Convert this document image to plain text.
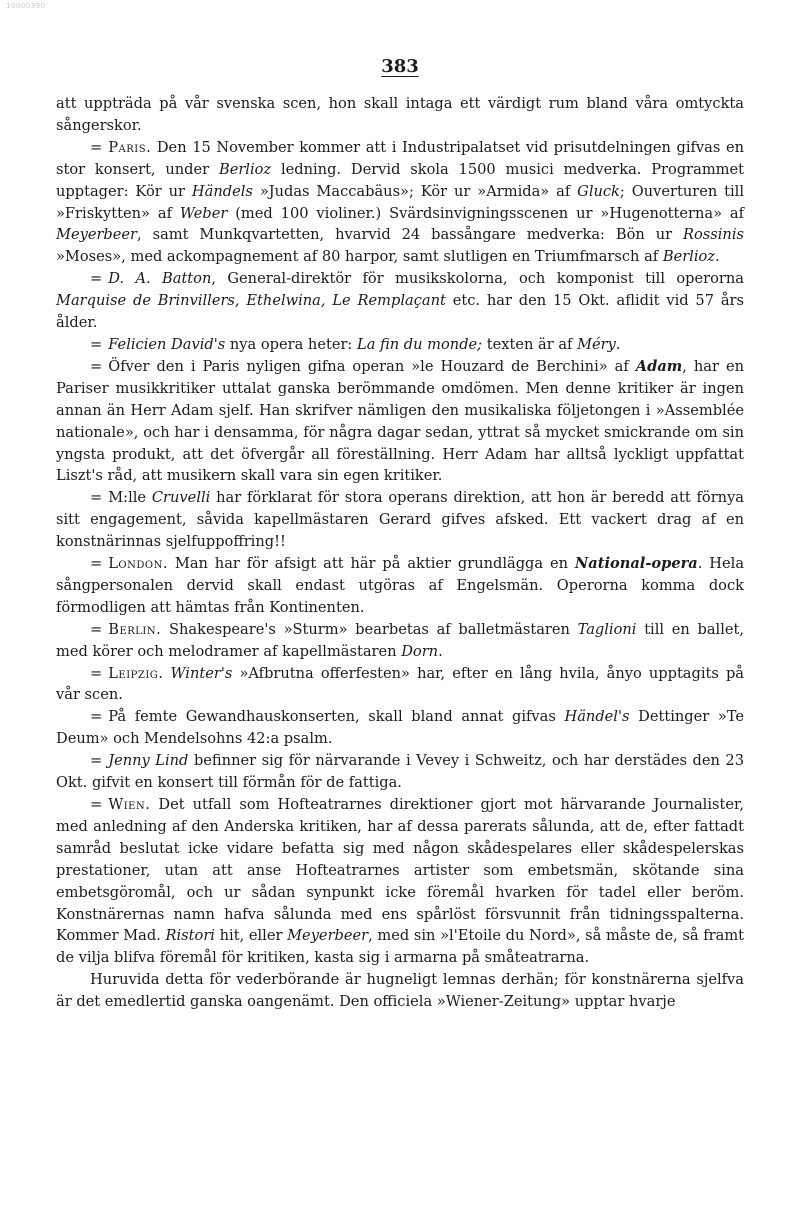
10000390
383

att uppträda på vår svenska scen, hon skall intaga ett värdigt rum bland våra omtyckta sångerskor.

= Paris. Den 15 November kommer att i Industripalatset vid prisutdelningen gifvas en stor konsert, under Berlioz ledning. Dervid skola 1500 musici medverka. Programmet upptager: Kör ur Händels »Judas Maccabäus»; Kör ur »Armida» af Gluck; Ouverturen till »Friskytten» af Weber (med 100 violiner.) Svärdsinvigningsscenen ur »Hugenotterna» af Meyerbeer, samt Munkqvartetten, hvarvid 24 bassångare medverka: Bön ur Rossinis »Moses», med ackompagnement af 80 harpor, samt slutligen en Triumfmarsch af Berlioz.

= D. A. Batton, General-direktör för musikskolorna, och komponist till operorna Marquise de Brinvillers, Ethelwina, Le Remplaçant etc. har den 15 Okt. aflidit vid 57 års ålder.

= Felicien David's nya opera heter: La fin du monde; texten är af Méry.

= Öfver den i Paris nyligen gifna operan »le Houzard de Berchini» af Adam, har en Pariser musikkritiker uttalat ganska berömmande omdömen. Men denne kritiker är ingen annan än Herr Adam sjelf. Han skrifver nämligen den musikaliska följetongen i »Assemblée nationale», och har i densamma, för några dagar sedan, yttrat så mycket smickrande om sin yngsta produkt, att det öfvergår all föreställning. Herr Adam har alltså lyckligt uppfattat Liszt's råd, att musikern skall vara sin egen kritiker.

= M:lle Cruvelli har förklarat för stora operans direktion, att hon är beredd att förnya sitt engagement, såvida kapellmästaren Gerard gifves afsked. Ett vackert drag af en konstnärinnas sjelfuppoffring!!

= London. Man har för afsigt att här på aktier grundlägga en National-opera. Hela sångpersonalen dervid skall endast utgöras af Engelsmän. Operorna komma dock förmodligen att hämtas från Kontinenten.

= Berlin. Shakespeare's »Sturm» bearbetas af balletmästaren Taglioni till en ballet, med körer och melodramer af kapellmästaren Dorn.

= Leipzig. Winter's »Afbrutna offerfesten» har, efter en lång hvila, ånyo upptagits på vår scen.

= På femte Gewandhauskonserten, skall bland annat gifvas Händel's Dettinger »Te Deum» och Mendelsohns 42:a psalm.

= Jenny Lind befinner sig för närvarande i Vevey i Schweitz, och har derstädes den 23 Okt. gifvit en konsert till förmån för de fattiga.

= Wien. Det utfall som Hofteatrarnes direktioner gjort mot härvarande Journalister, med anledning af den Anderska kritiken, har af dessa parerats sålunda, att de, efter fattadt samråd beslutat icke vidare befatta sig med någon skådespelares eller skådespelerskas prestationer, utan att anse Hofteatrarnes artister som embetsmän, skötande sina embetsgöromål, och ur sådan synpunkt icke föremål hvarken för tadel eller beröm. Konstnärernas namn hafva sålunda med ens spårlöst försvunnit från tidningsspalterna. Kommer Mad. Ristori hit, eller Meyerbeer, med sin »l'Etoile du Nord», så måste de, så framt de vilja blifva föremål för kritiken, kasta sig i armarna på småteatrarna.

Huruvida detta för vederbörande är hugneligt lemnas derhän; för konstnärerna sjelfva är det emedlertid ganska oangenämt. Den officiela »Wiener-Zeitung» upptar hvarje
